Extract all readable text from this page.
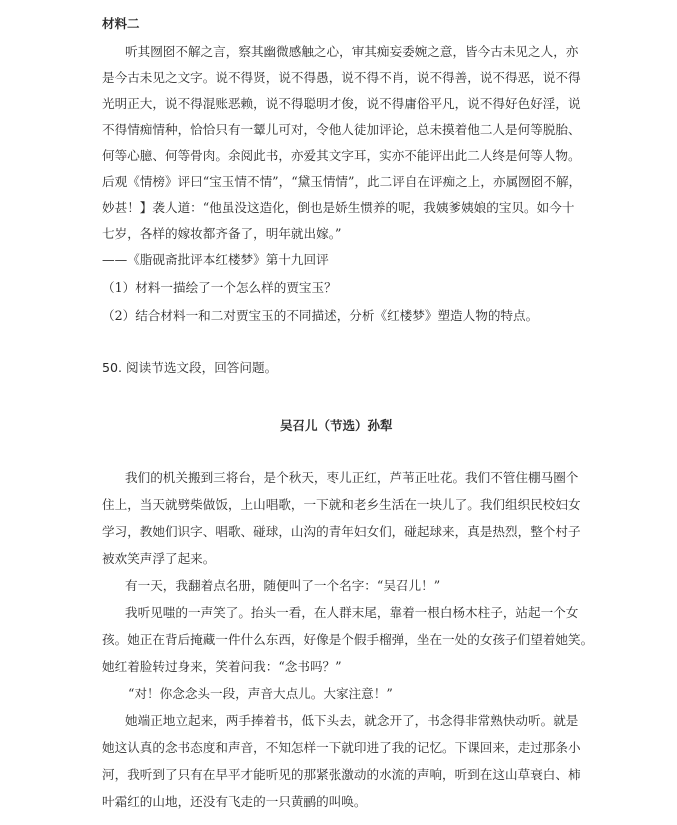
材料二
听其囫囵不解之言，察其幽微感触之心，审其痴妄委婉之意，皆今古未见之人，亦
是今古未见之文字。说不得贤，说不得愚，说不得不肖，说不得善，说不得恶，说不得
光明正大，说不得混账恶赖，说不得聪明才俊，说不得庸俗平凡，说不得好色好淫，说
不得情痴情种，恰恰只有一颦儿可对，令他人徒加评论，总未摸着他二人是何等脱胎、
何等心臆、何等骨肉。余阅此书，亦爱其文字耳，实亦不能评出此二人终是何等人物。
后观《情榜》评曰“宝玉情不情”，“黛玉情情”，此二评自在评痴之上，亦属囫囵不解，
妙甚！】袭人道：“他虽没这造化，倒也是娇生惯养的呢，我姨爹姨娘的宝贝。如今十
七岁，各样的嫁妆都齐备了，明年就出嫁。”
——《脂砚斋批评本红楼梦》第十九回评
（1）材料一描绘了一个怎么样的贾宝玉？
（2）结合材料一和二对贾宝玉的不同描述，分析《红楼梦》塑造人物的特点。
50. 阅读节选文段，回答问题。
吴召儿（节选）孙犁
我们的机关搬到三将台，是个秋天，枣儿正红，芦苇正吐花。我们不管住棚马圈个
住上，当天就劈柴做饭，上山唱歌，一下就和老乡生活在一块儿了。我们组织民校妇女
学习，教她们识字、唱歌、碰球，山沟的青年妇女们，碰起球来，真是热烈，整个村子
被欢笑声浮了起来。
有一天，我翻着点名册，随便叫了一个名字：“吴召儿！”
我听见嗤的一声笑了。抬头一看，在人群末尾，靠着一根白杨木柱子，站起一个女
孩。她正在背后掩藏一件什么东西，好像是个假手榴弹，坐在一处的女孩子们望着她笑。
她红着脸转过身来，笑着问我：“念书吗？”
“对！你念念头一段，声音大点儿。大家注意！”
她端正地立起来，两手捧着书，低下头去，就念开了，书念得非常熟快动听。就是
她这认真的念书态度和声音，不知怎样一下就印进了我的记忆。下课回来，走过那条小
河，我听到了只有在早平才能听见的那紧张激动的水流的声响，听到在这山草衰白、柿
叶霜红的山地，还没有飞走的一只黄鹂的叫唤。
